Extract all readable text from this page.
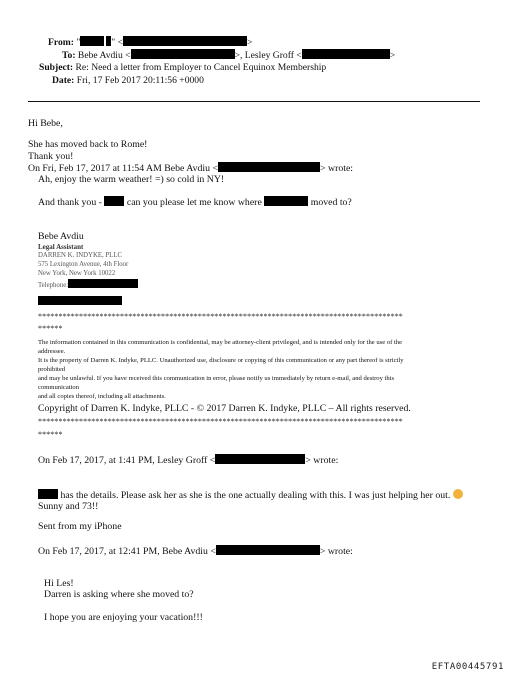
From: "	" <	>
To: Bebe Avdiu <	>, Lesley Groff <	>
Subject: Re: Need a letter from Employer to Cancel Equinox Membership
Date: Fri, 17 Feb 2017 20:11:56 +0000
Hi Bebe,
She has moved back to Rome!
Thank you!
On Fri, Feb 17, 2017 at 11:54 AM Bebe Avdiu <	> wrote:
Ah, enjoy the warm weather! =) so cold in NY!
And thank you -	can you please let me know where	moved to?
Bebe Avdiu
Legal Assistant
DARREN K. INDYKE, PLLC
575 Lexington Avenue, 4th Floor
New York, New York 10022
Telephone:
*****************************************************************************************
******
The information contained in this communication is confidential, may be attorney-client privileged, and is intended only for the use of the
addressee.
It is the property of Darren K. Indyke, PLLC. Unauthorized use, disclosure or copying of this communication or any part thereof is strictly
prohibited
and may be unlawful. If you have received this communication in error, please notify us immediately by return e-mail, and destroy this
communication
and all copies thereof, including all attachments.
Copyright of Darren K. Indyke, PLLC - © 2017 Darren K. Indyke, PLLC – All rights reserved.
*****************************************************************************************
******
On Feb 17, 2017, at 1:41 PM, Lesley Groff <	> wrote:
has the details. Please ask her as she is the one actually dealing with this. I was just helping her out.
Sunny and 73!!
Sent from my iPhone
On Feb 17, 2017, at 12:41 PM, Bebe Avdiu <	> wrote:
Hi Les!
Darren is asking where she moved to?
I hope you are enjoying your vacation!!!
EFTA00445791
